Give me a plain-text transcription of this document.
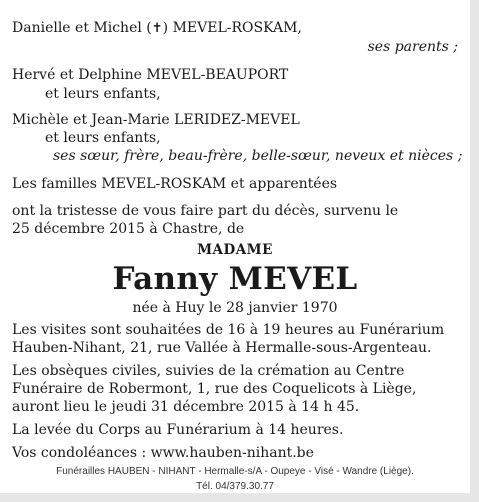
Danielle et Michel (✝) MEVEL-ROSKAM,
ses parents ;
Hervé et Delphine MEVEL-BEAUPORT
et leurs enfants,
Michèle et Jean-Marie LERIDEZ-MEVEL
et leurs enfants,
ses sœur, frère, beau-frère, belle-sœur, neveux et nièces ;
Les familles MEVEL-ROSKAM et apparentées
ont la tristesse de vous faire part du décès, survenu le
25 décembre 2015 à Chastre, de
MADAME
Fanny MEVEL
née à Huy le 28 janvier 1970
Les visites sont souhaitées de 16 à 19 heures au Funérarium
Hauben-Nihant, 21, rue Vallée à Hermalle-sous-Argenteau.
Les obsèques civiles, suivies de la crémation au Centre
Funéraire de Robermont, 1, rue des Coquelicots à Liège,
auront lieu le jeudi 31 décembre 2015 à 14 h 45.
La levée du Corps au Funérarium à 14 heures.
Vos condoléances : www.hauben-nihant.be
Funérailles HAUBEN - NIHANT - Hermalle-s/A - Oupeye - Visé - Wandre (Liège).
Tél. 04/379.30.77
